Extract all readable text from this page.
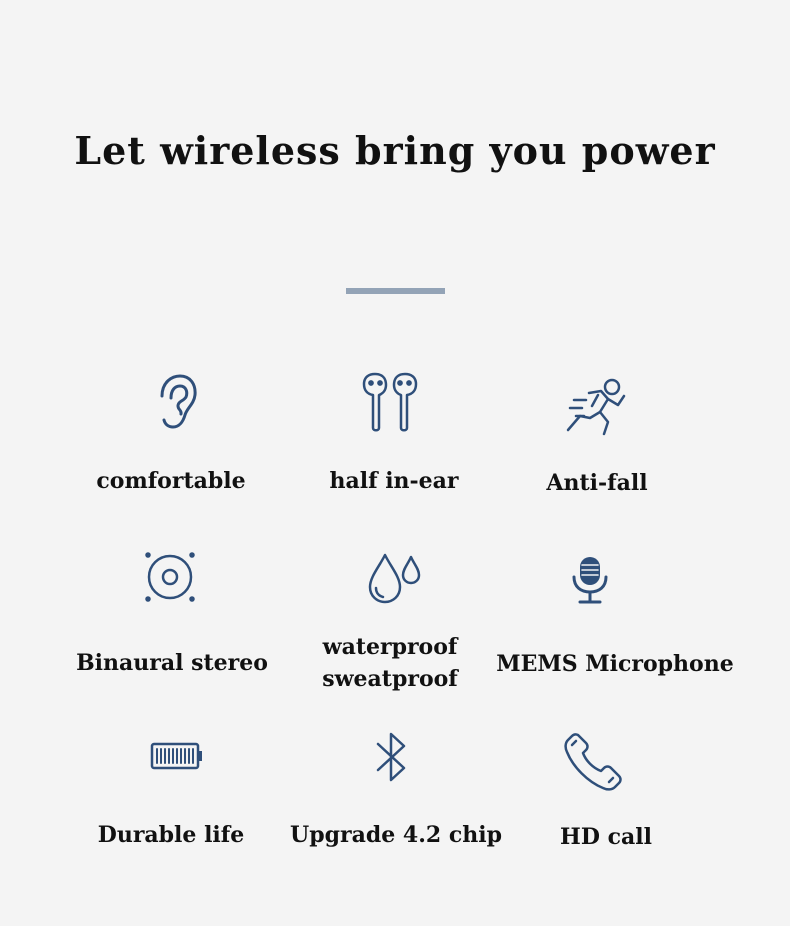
Let wireless bring you power
comfortable	half in-ear	Anti-fall
Binaural stereo
waterproof
sweatproof
MEMS Microphone
Durable life	Upgrade 4.2 chip	HD call
